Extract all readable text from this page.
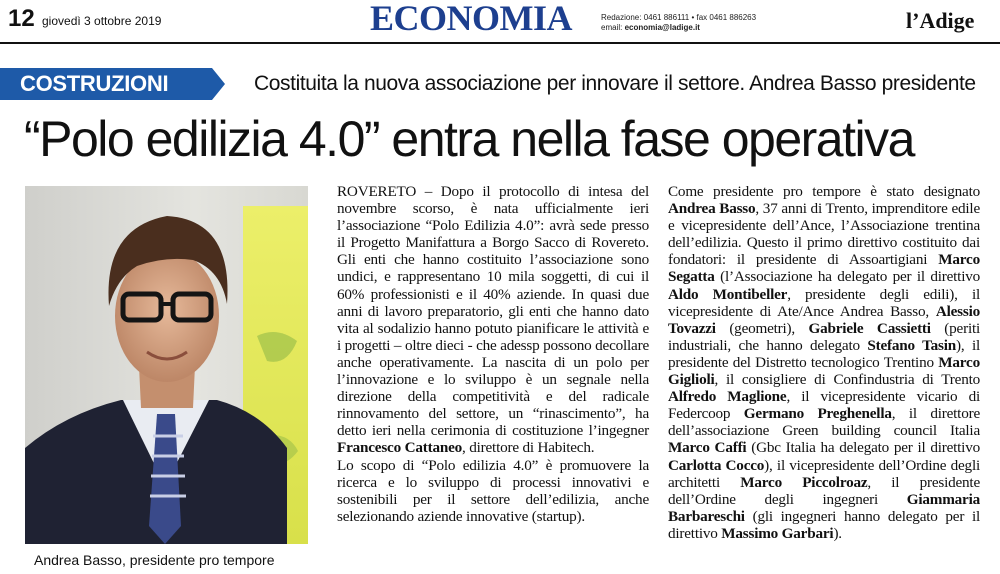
12 giovedì 3 ottobre 2019	ECONOMIA	Redazione: 0461 886111 • fax 0461 886263
email: economia@ladige.it	l’Adige
COSTRUZIONI	Costituita la nuova associazione per innovare il settore. Andrea Basso presidente
“Polo edilizia 4.0” entra nella fase operativa
Andrea Basso, presidente pro tempore

ROVERETO – Dopo il protocollo di intesa del novembre scorso, è nata ufficialmente ieri l’associazione “Polo Edilizia 4.0”: avrà sede presso il Progetto Manifattura a Borgo Sacco di Rovereto. Gli enti che hanno costituito l’associazione sono undici, e rappresentano 10 mila soggetti, di cui il 60% professionisti e il 40% aziende. In quasi due anni di lavoro preparatorio, gli enti che hanno dato vita al sodalizio hanno potuto pianificare le attività e i progetti – oltre dieci - che adessp possono decollare anche operativamente. La nascita di un polo per l’innovazione e lo sviluppo è un segnale nella direzione della competitività e del radicale rinnovamento del settore, un “rinascimento”, ha detto ieri nella cerimonia di costituzione l’ingegner Francesco Cattaneo, direttore di Habitech.

Lo scopo di “Polo edilizia 4.0” è promuovere la ricerca e lo sviluppo di processi innovativi e sostenibili per il settore dell’edilizia, anche selezionando aziende innovative (startup).

Come presidente pro tempore è stato designato Andrea Basso, 37 anni di Trento, imprenditore edile e vicepresidente dell’Ance, l’Associazione trentina dell’edilizia. Questo il primo direttivo costituito dai fondatori: il presidente di Assoartigiani Marco Segatta (l’Associazione ha delegato per il direttivo Aldo Montibeller, presidente degli edili), il vicepresidente di Ate/Ance Andrea Basso, Alessio Tovazzi (geometri), Gabriele Cassietti (periti industriali, che hanno delegato Stefano Tasin), il presidente del Distretto tecnologico Trentino Marco Giglioli, il consigliere di Confindustria di Trento Alfredo Maglione, il vicepresidente vicario di Federcoop Germano Preghenella, il direttore dell’associazione Green building council Italia Marco Caffi (Gbc Italia ha delegato per il direttivo Carlotta Cocco), il vicepresidente dell’Ordine degli architetti Marco Piccolroaz, il presidente dell’Ordine degli ingegneri Giammaria Barbareschi (gli ingegneri hanno delegato per il direttivo Massimo Garbari).
